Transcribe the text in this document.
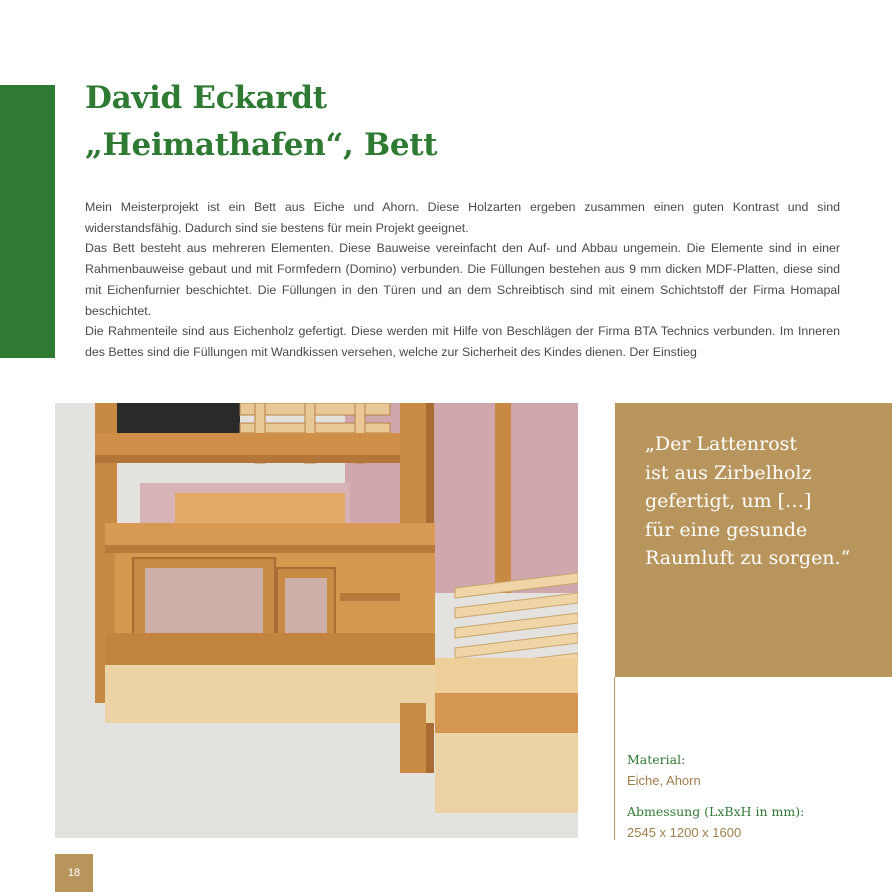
David Eckardt
„Heimathafen“, Bett

Mein Meisterprojekt ist ein Bett aus Eiche und Ahorn. Diese Holzarten ergeben zusammen einen guten Kontrast und sind widerstandsfähig. Dadurch sind sie bestens für mein Projekt geeignet.

Das Bett besteht aus mehreren Elementen. Diese Bauweise vereinfacht den Auf- und Abbau ungemein. Die Elemente sind in einer Rahmenbauweise gebaut und mit Formfedern (Domino) verbunden. Die Füllungen bestehen aus 9 mm dicken MDF-Platten, diese sind mit Eichenfurnier beschichtet. Die Füllungen in den Türen und an dem Schreibtisch sind mit einem Schichtstoff der Firma Homapal beschichtet.

Die Rahmenteile sind aus Eichenholz gefertigt. Diese werden mit Hilfe von Beschlägen der Firma BTA Technics verbunden. Im Inneren des Bettes sind die Füllungen mit Wandkissen versehen, welche zur Sicherheit des Kindes dienen. Der Einstieg

„Der Lattenrost
ist aus Zirbelholz
gefertigt, um […]
für eine gesunde
Raumluft zu sorgen.“

Material:
Eiche, Ahorn
Abmessung (LxBxH in mm):
2545 x 1200 x 1600
18
